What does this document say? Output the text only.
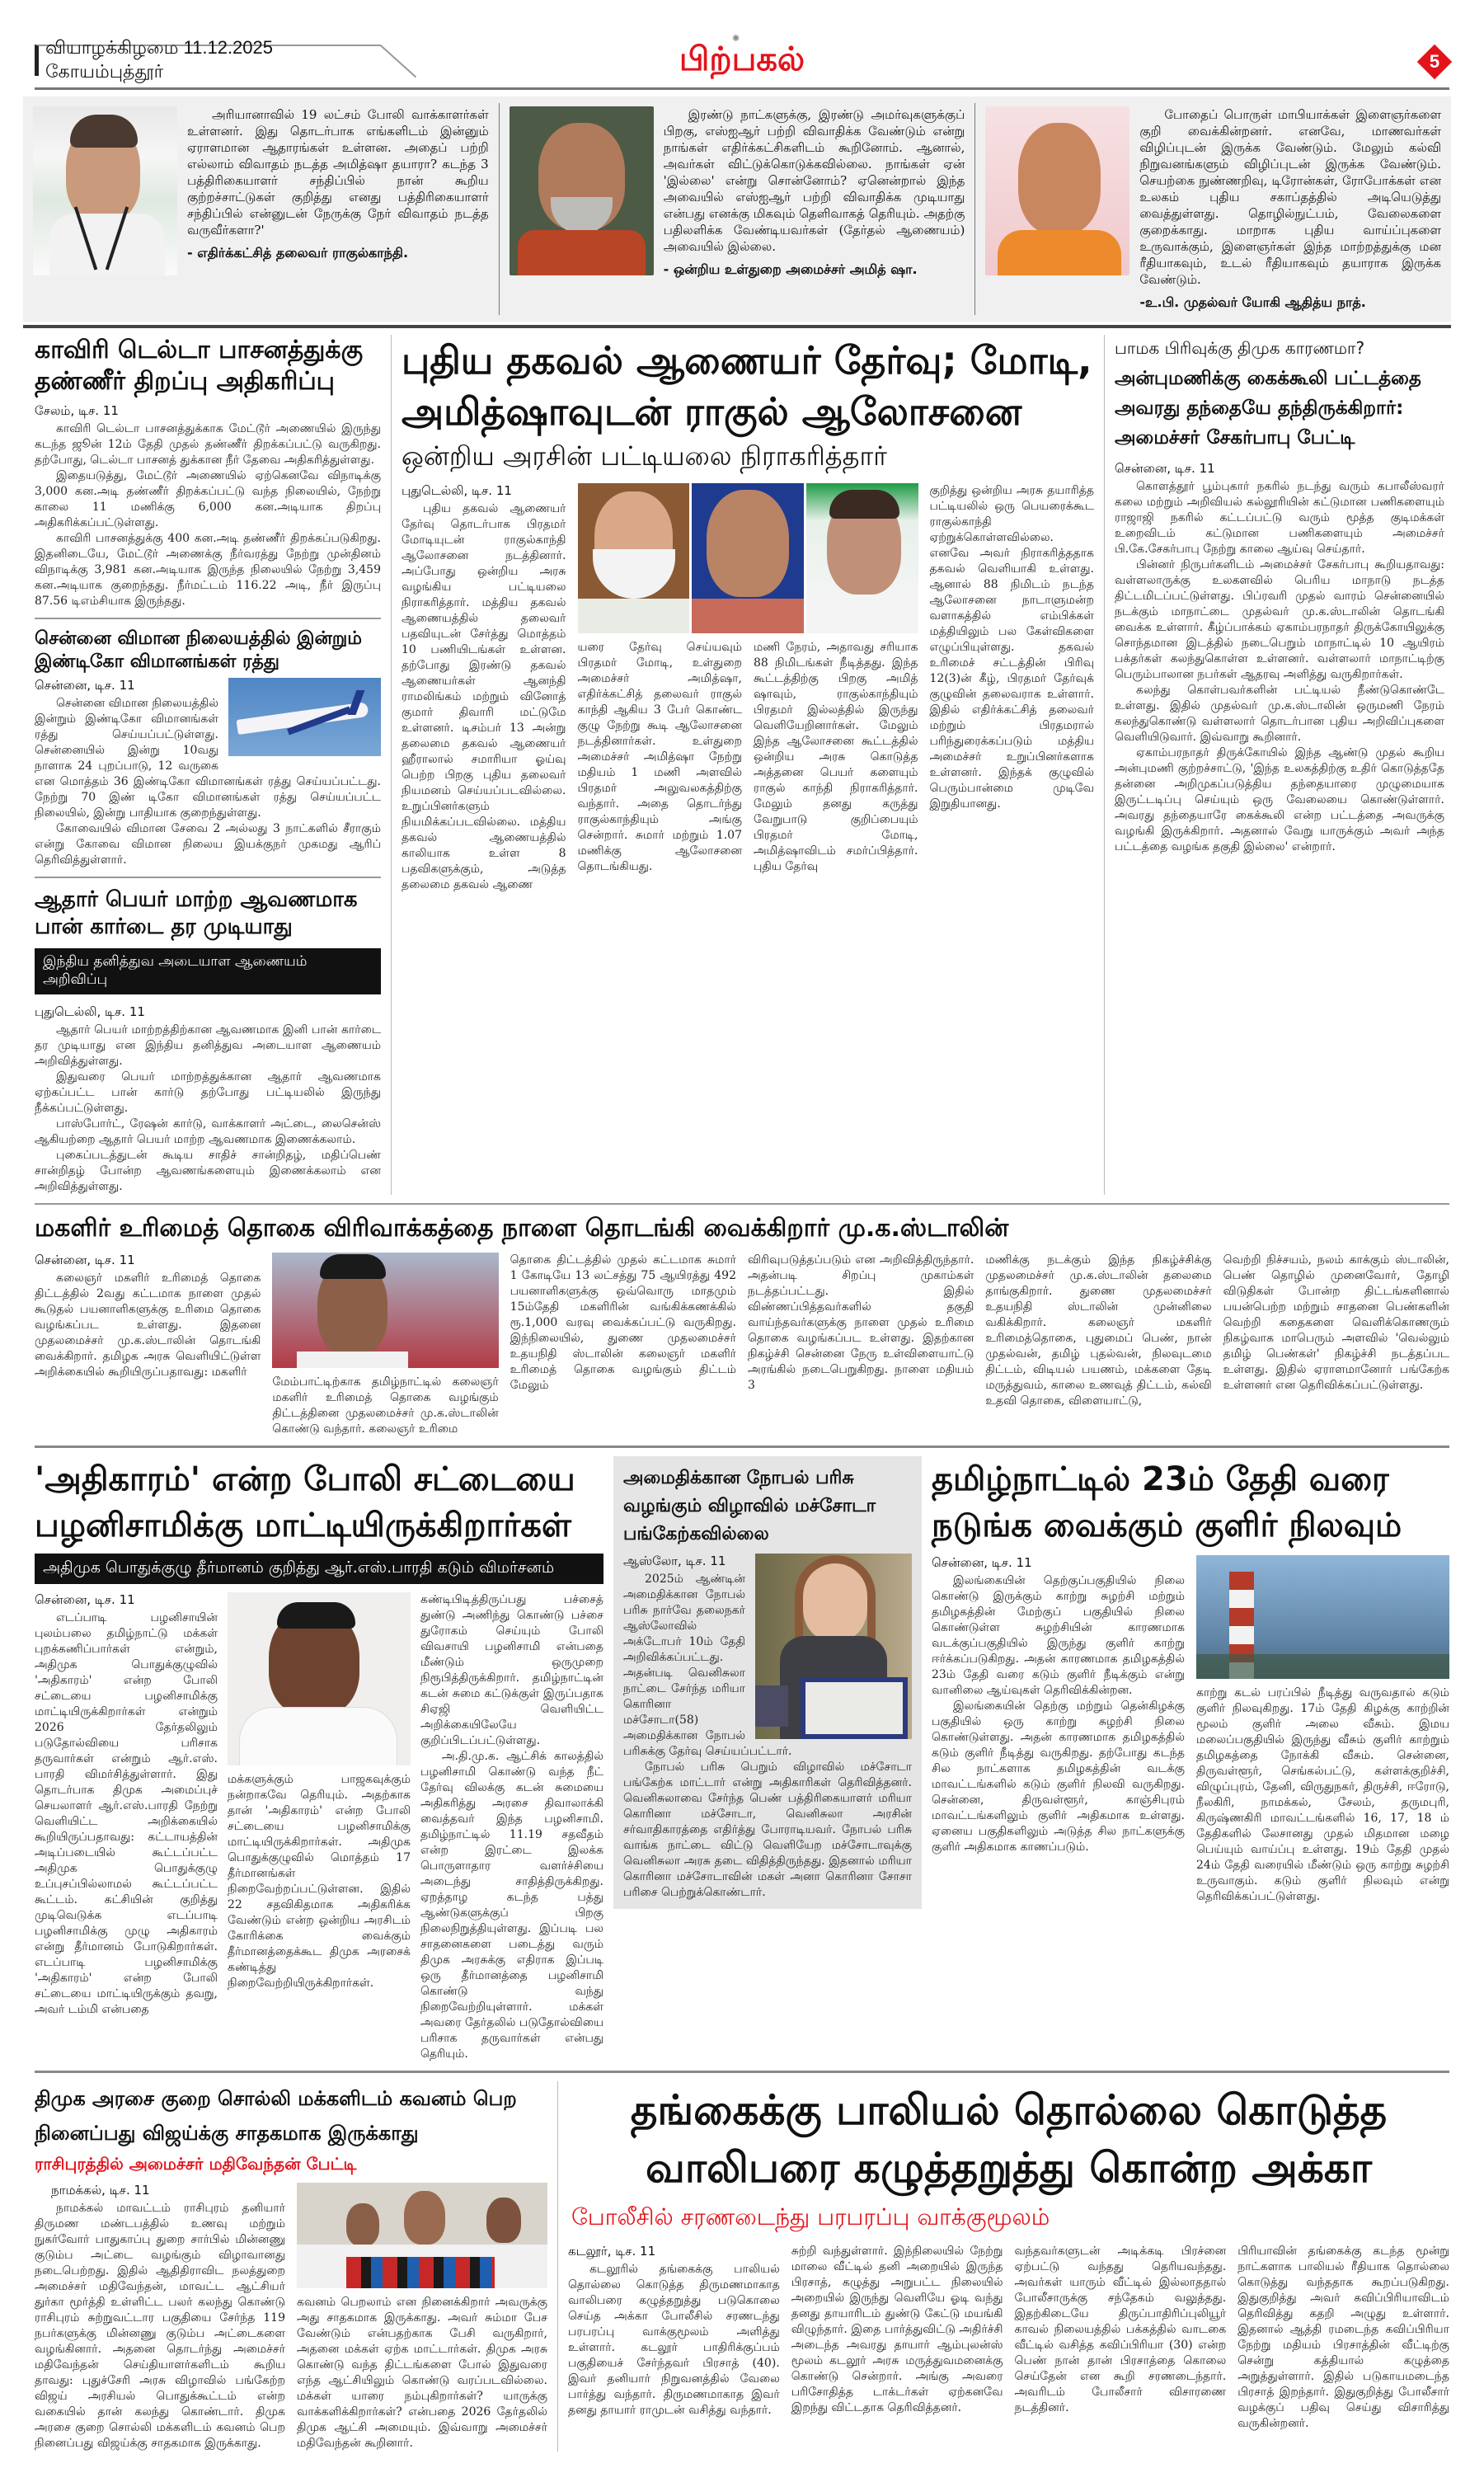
வியாழக்கிழமை 11.12.2025 கோயம்புத்தூர்
✺
பிற்பகல்	5
அரியானாவில் 19 லட்சம் போலி வாக்காளர்கள் உள்ளனர். இது தொடர்பாக எங்களிடம் இன்னும் ஏராளமான ஆதாரங்கள் உள்ளன. அதைப் பற்றி எல்லாம் விவாதம் நடத்த அமித்ஷா தயாரா? கடந்த 3 பத்திரிகையாளர் சந்திப்பில் நான் கூறிய குற்றச்சாட்டுகள் குறித்து எனது பத்திரிகையாளர் சந்திப்பில் என்னுடன் நேருக்கு நேர் விவாதம் நடத்த வருவீர்களா?'
- எதிர்க்கட்சித் தலைவர் ராகுல்காந்தி.
இரண்டு நாட்களுக்கு, இரண்டு அமர்வுகளுக்குப் பிறகு, எஸ்ஐஆர் பற்றி விவாதிக்க வேண்டும் என்று நாங்கள் எதிர்க்கட்சிகளிடம் கூறினோம். ஆனால், அவர்கள் விட்டுக்கொடுக்கவில்லை. நாங்கள் ஏன் 'இல்லை' என்று சொன்னோம்? ஏனென்றால் இந்த அவையில் எஸ்ஐஆர் பற்றி விவாதிக்க முடியாது என்பது எனக்கு மிகவும் தெளிவாகத் தெரியும். அதற்கு பதிலளிக்க வேண்டியவர்கள் (தேர்தல் ஆணையம்) அவையில் இல்லை.
- ஒன்றிய உள்துறை அமைச்சர் அமித் ஷா.
போதைப் பொருள் மாபியாக்கள் இளைஞர்களை குறி வைக்கின்றனர். எனவே, மாணவர்கள் விழிப்புடன் இருக்க வேண்டும். மேலும் கல்வி நிறுவனங்களும் விழிப்புடன் இருக்க வேண்டும். செயற்கை நுண்ணறிவு, டிரோன்கள், ரோபோக்கள் என உலகம் புதிய சகாப்தத்தில் அடியெடுத்து வைத்துள்ளது. தொழில்நுட்பம், வேலைகளை குறைக்காது. மாறாக புதிய வாய்ப்புகளை உருவாக்கும், இளைஞர்கள் இந்த மாற்றத்துக்கு மன ரீதியாகவும், உடல் ரீதியாகவும் தயாராக இருக்க வேண்டும்.
-உ.பி. முதல்வர் யோகி ஆதித்ய நாத்.
காவிரி டெல்டா பாசனத்துக்கு தண்ணீர் திறப்பு அதிகரிப்பு
சேலம், டிச. 11

காவிரி டெல்டா பாசனத்துக்காக மேட்டூர் அணையில் இருந்து கடந்த ஜூன் 12ம் தேதி முதல் தண்ணீர் திறக்கப்பட்டு வருகிறது. தற்போது, டெல்டா பாசனத் துக்கான நீர் தேவை அதிகரித்துள்ளது.

இதையடுத்து, மேட்டூர் அணையில் ஏற்கெனவே விநாடிக்கு 3,000 கன.அடி தண்ணீர் திறக்கப்பட்டு வந்த நிலையில், நேற்று காலை 11 மணிக்கு 6,000 கன.அடியாக திறப்பு அதிகரிக்கப்பட்டுள்ளது.

காவிரி பாசனத்துக்கு 400 கன.அடி தண்ணீர் திறக்கப்படுகிறது. இதனிடையே, மேட்டூர் அணைக்கு நீர்வரத்து நேற்று முன்தினம் விநாடிக்கு 3,981 கன.அடியாக இருந்த நிலையில் நேற்று 3,459 கன.அடியாக குறைந்தது. நீர்மட்டம் 116.22 அடி, நீர் இருப்பு 87.56 டிஎம்சியாக இருந்தது.

சென்னை விமான நிலையத்தில் இன்றும் இண்டிகோ விமானங்கள் ரத்து
சென்னை, டிச. 11

சென்னை விமான நிலையத்தில் இன்றும் இண்டிகோ விமானங்கள் ரத்து செய்யப்பட்டுள்ளது. சென்னையில் இன்று 10வது நாளாக 24 புறப்பாடு, 12 வருகை என மொத்தம் 36 இண்டிகோ விமானங்கள் ரத்து செய்யப்பட்டது. நேற்று 70 இண் டிகோ விமானங்கள் ரத்து செய்யப்பட்ட நிலையில், இன்று பாதியாக குறைந்துள்ளது.

கோவையில் விமான சேவை 2 அல்லது 3 நாட்களில் சீராகும் என்று கோவை விமான நிலைய இயக்குநர் முகமது ஆரிப் தெரிவித்துள்ளார்.

ஆதார் பெயர் மாற்ற ஆவணமாக பான் கார்டை தர முடியாது
இந்திய தனித்துவ அடையாள ஆணையம் அறிவிப்பு
புதுடெல்லி, டிச. 11

ஆதார் பெயர் மாற்றத்திற்கான ஆவணமாக இனி பான் கார்டை தர முடியாது என இந்திய தனித்துவ அடையாள ஆணையம் அறிவித்துள்ளது.

இதுவரை பெயர் மாற்றத்துக்கான ஆதார் ஆவணமாக ஏற்கப்பட்ட பான் கார்டு தற்போது பட்டியலில் இருந்து நீக்கப்பட்டுள்ளது.

பாஸ்போர்ட், ரேஷன் கார்டு, வாக்காளர் அட்டை, லைசென்ஸ் ஆகியற்றை ஆதார் பெயர் மாற்ற ஆவணமாக இணைக்கலாம்.

புகைப்படத்துடன் கூடிய சாதிச் சான்றிதழ், மதிப்பெண் சான்றிதழ் போன்ற ஆவணங்களையும் இணைக்கலாம் என அறிவித்துள்ளது.

புதிய தகவல் ஆணையர் தேர்வு; மோடி, அமித்ஷாவுடன் ராகுல் ஆலோசனை
ஒன்றிய அரசின் பட்டியலை நிராகரித்தார்
புதுடெல்லி, டிச. 11

புதிய தகவல் ஆணையர் தேர்வு தொடர்பாக பிரதமர் மோடியுடன் ராகுல்காந்தி ஆலோசனை நடத்தினார். அப்போது ஒன்றிய அரசு வழங்கிய பட்டியலை நிராகரித்தார். மத்திய தகவல் ஆணையத்தில் தலைவர் பதவியுடன் சேர்த்து மொத்தம் 10 பணியிடங்கள் உள்ளன. தற்போது இரண்டு தகவல் ஆணையர்கள் ஆனந்தி ராமலிங்கம் மற்றும் வினோத் குமார் திவாரி மட்டுமே உள்ளனர். டிசம்பர் 13 அன்று தலைமை தகவல் ஆணையர் ஹீராலால் சமாரியா ஓய்வு பெற்ற பிறகு புதிய தலைவர் நியமனம் செய்யப்படவில்லை. உறுப்பினர்களும் நியமிக்கப்படவில்லை. மத்திய தகவல் ஆணையத்தில் காலியாக உள்ள 8 பதவிகளுக்கும், அடுத்த தலைமை தகவல் ஆணை

யரை தேர்வு செய்யவும் பிரதமர் மோடி, உள்துறை அமைச்சர் அமித்ஷா, எதிர்க்கட்சித் தலைவர் ராகுல் காந்தி ஆகிய 3 பேர் கொண்ட குழு நேற்று கூடி ஆலோசனை நடத்தினார்கள். உள்துறை அமைச்சர் அமித்ஷா நேற்று மதியம் 1 மணி அளவில் பிரதமர் அலுவலகத்திற்கு வந்தார். அதை தொடர்ந்து ராகுல்காந்தியும் அங்கு சென்றார். சுமார் மற்றும் 1.07 மணிக்கு ஆலோசனை தொடங்கியது.

மணி நேரம், அதாவது சரியாக 88 நிமிடங்கள் நீடித்தது. இந்த கூட்டத்திற்கு பிறகு அமித் ஷாவும், ராகுல்காந்தியும் பிரதமர் இல்லத்தில் இருந்து வெளியேறினார்கள். மேலும் இந்த ஆலோசனை கூட்டத்தில் ஒன்றிய அரசு கொடுத்த அத்தனை பெயர் களையும் ராகுல் காந்தி நிராகரித்தார். மேலும் தனது கருத்து வேறுபாடு குறிப்பையும் பிரதமர் மோடி, அமித்ஷாவிடம் சமர்ப்பித்தார். புதிய தேர்வு

குறித்து ஒன்றிய அரசு தயாரித்த பட்டியலில் ஒரு பெயரைக்கூட ராகுல்காந்தி ஏற்றுக்கொள்ளவில்லை. எனவே அவர் நிராகரித்ததாக தகவல் வெளியாகி உள்ளது. ஆனால் 88 நிமிடம் நடந்த ஆலோசனை நாடாளுமன்ற வளாகத்தில் எம்பிக்கள் மத்தியிலும் பல கேள்விகளை எழுப்பியுள்ளது. தகவல் உரிமைச் சட்டத்தின் பிரிவு 12(3)ன் கீழ், பிரதமர் தேர்வுக் குழுவின் தலைவராக உள்ளார். இதில் எதிர்க்கட்சித் தலைவர் மற்றும் பிரதமரால் பரிந்துரைக்கப்படும் மத்திய அமைச்சர் உறுப்பினர்களாக உள்ளனர். இந்தக் குழுவில் பெரும்பான்மை முடிவே இறுதியானது.

பாமக பிரிவுக்கு திமுக காரணமா?
அன்புமணிக்கு கைக்கூலி பட்டத்தை அவரது தந்தையே தந்திருக்கிறார்: அமைச்சர் சேகர்பாபு பேட்டி
சென்னை, டிச. 11

கொளத்தூர் பூம்புகார் நகரில் நடந்து வரும் கபாலீஸ்வரர் கலை மற்றும் அறிவியல் கல்லூரியின் கட்டுமான பணிகளையும் ராஜாஜி நகரில் கட்டப்பட்டு வரும் மூத்த குடிமக்கள் உறைவிடம் கட்டுமான பணிகளையும் அமைச்சர் பி.கே.சேகர்பாபு நேற்று காலை ஆய்வு செய்தார்.

பின்னர் நிருபர்களிடம் அமைச்சர் சேகர்பாபு கூறியதாவது: வள்ளலாருக்கு உலகளவில் பெரிய மாநாடு நடத்த திட்டமிடப்பட்டுள்ளது. பிப்ரவரி முதல் வாரம் சென்னையில் நடக்கும் மாநாட்டை முதல்வர் மு.க.ஸ்டாலின் தொடங்கி வைக்க உள்ளார். கீழ்ப்பாக்கம் ஏகாம்பரநாதர் திருக்கோயிலுக்கு சொந்தமான இடத்தில் நடைபெறும் மாநாட்டில் 10 ஆயிரம் பக்தர்கள் கலந்துகொள்ள உள்ளனர். வள்ளலார் மாநாட்டிற்கு பெரும்பாலான நபர்கள் ஆதரவு அளித்து வருகிறார்கள்.

கலந்து கொள்பவர்களின் பட்டியல் நீண்டுகொண்டே உள்ளது. இதில் முதல்வர் மு.க.ஸ்டாலின் ஒருமணி நேரம் கலந்துகொண்டு வள்ளலார் தொடர்பான புதிய அறிவிப்புகளை வெளியிடுவார். இவ்வாறு கூறினார்.

ஏகாம்பரநாதர் திருக்கோயில் இந்த ஆண்டு முதல் கூறிய அன்புமணி குற்றச்சாட்டு, 'இந்த உலகத்திற்கு உதிர் கொடுத்ததே தன்னை அறிமுகப்படுத்திய தந்தையாரை முழுமையாக இருட்டடிப்பு செய்யும் ஒரு வேலையை கொண்டுள்ளார். அவரது தந்தையாரே கைக்கூலி என்ற பட்டத்தை அவருக்கு வழங்கி இருக்கிறார். அதனால் வேறு யாருக்கும் அவர் அந்த பட்டத்தை வழங்க தகுதி இல்லை' என்றார்.

மகளிர் உரிமைத் தொகை விரிவாக்கத்தை நாளை தொடங்கி வைக்கிறார் மு.க.ஸ்டாலின்
சென்னை, டிச. 11

கலைஞர் மகளிர் உரிமைத் தொகை திட்டத்தில் 2வது கட்டமாக நாளை முதல் கூடுதல் பயனாளிகளுக்கு உரிமை தொகை வழங்கப்பட உள்ளது. இதனை முதலமைச்சர் மு.க.ஸ்டாலின் தொடங்கி வைக்கிறார். தமிழக அரசு வெளியிட்டுள்ள அறிக்கையில் கூறியிருப்பதாவது: மகளிர்

மேம்பாட்டிற்காக தமிழ்நாட்டில் கலைஞர் மகளிர் உரிமைத் தொகை வழங்கும் திட்டத்தினை முதலமைச்சர் மு.க.ஸ்டாலின் கொண்டு வந்தார். கலைஞர் உரிமை

தொகை திட்டத்தில் முதல் கட்டமாக சுமார் 1 கோடியே 13 லட்சத்து 75 ஆயிரத்து 492 பயனாளிகளுக்கு ஒவ்வொரு மாதமும் 15ம்தேதி மகளிரின் வங்கிக்கணக்கில் ரூ.1,000 வரவு வைக்கப்பட்டு வருகிறது. இந்நிலையில், துணை முதலமைச்சர் உதயநிதி ஸ்டாலின் கலைஞர் மகளிர் உரிமைத் தொகை வழங்கும் திட்டம் மேலும்

விரிவுபடுத்தப்படும் என அறிவித்திருந்தார். அதன்படி சிறப்பு முகாம்கள் நடத்தப்பட்டது. இதில் விண்ணப்பித்தவர்களில் தகுதி வாய்ந்தவர்களுக்கு நாளை முதல் உரிமை தொகை வழங்கப்பட உள்ளது. இதற்கான நிகழ்ச்சி சென்னை நேரு உள்விளையாட்டு அரங்கில் நடைபெறுகிறது. நாளை மதியம் 3

மணிக்கு நடக்கும் இந்த நிகழ்ச்சிக்கு முதலமைச்சர் மு.க.ஸ்டாலின் தலைமை தாங்குகிறார். துணை முதலமைச்சர் உதயநிதி ஸ்டாலின் முன்னிலை வகிக்கிறார். கலைஞர் மகளிர் உரிமைத்தொகை, புதுமைப் பெண், நான் முதல்வன், தமிழ் புதல்வன், நிலவுடமை திட்டம், விடியல் பயணம், மக்களை தேடி மருத்துவம், காலை உணவுத் திட்டம், கல்வி உதவி தொகை, விளையாட்டு,

வெற்றி நிச்சயம், நலம் காக்கும் ஸ்டாலின், பெண் தொழில் முனைவோர், தோழி விடுதிகள் போன்ற திட்டங்களினால் பயன்பெற்ற மற்றும் சாதனை பெண்களின் வெற்றி கதைகளை வெளிக்கொணரும் நிகழ்வாக மாபெரும் அளவில் 'வெல்லும் தமிழ் பெண்கள்' நிகழ்ச்சி நடத்தப்பட உள்ளது. இதில் ஏராளமானோர் பங்கேற்க உள்ளனர் என தெரிவிக்கப்பட்டுள்ளது.

'அதிகாரம்' என்ற போலி சட்டையை பழனிசாமிக்கு மாட்டியிருக்கிறார்கள்
அதிமுக பொதுக்குழு தீர்மானம் குறித்து ஆர்.எஸ்.பாரதி கடும் விமர்சனம்
சென்னை, டிச. 11

எடப்பாடி பழனிசாயின் புலம்பலை தமிழ்நாட்டு மக்கள் புறக்கணிப்பார்கள் என்றும், அதிமுக பொதுக்குழுவில் 'அதிகாரம்' என்ற போலி சட்டையை பழனிசாமிக்கு மாட்டியிருக்கிறார்கள் என்றும் 2026 தேர்தலிலும் படுதோல்வியை பரிசாக தருவார்கள் என்றும் ஆர்.எஸ். பாரதி விமர்சித்துள்ளார். இது தொடர்பாக திமுக அமைப்புச் செயலாளர் ஆர்.எஸ்.பாரதி நேற்று வெளியிட்ட அறிக்கையில் கூறியிருப்பதாவது: கட்டாயத்தின் அடிப்படையில் கூட்டப்பட்ட அதிமுக பொதுக்குழு உப்புசப்பில்லாமல் கூட்டப்பட்ட கூட்டம். கட்சியின் குறித்து முடிவெடுக்க எடப்பாடி பழனிசாமிக்கு முழு அதிகாரம் என்று தீர்மானம் போடுகிறார்கள். எடப்பாடி பழனிசாமிக்கு 'அதிகாரம்' என்ற போலி சட்டையை மாட்டியிருக்கும் தவறு, அவர் டம்மி என்பதை

மக்களுக்கும் பாஜகவுக்கும் நன்றாகவே தெரியும். அதற்காக தான் 'அதிகாரம்' என்ற போலி சட்டையை பழனிசாமிக்கு மாட்டியிருக்கிறார்கள். அதிமுக பொதுக்குழுவில் மொத்தம் 17 தீர்மானங்கள் நிறைவேற்றப்பட்டுள்ளன. இதில் 22 சதவிகிதமாக அதிகரிக்க வேண்டும் என்ற ஒன்றிய அரசிடம் கோரிக்கை வைக்கும் தீர்மானத்தைக்கூட திமுக அரசைக் கண்டித்து நிறைவேற்றியிருக்கிறார்கள்.

கண்டிபிடித்திருப்பது பச்சைத் துண்டு அணிந்து கொண்டு பச்சை துரோகம் செய்யும் போலி விவசாயி பழனிசாமி என்பதை மீண்டும் ஒருமுறை நிரூபித்திருக்கிறார். தமிழ்நாட்டின் கடன் சுமை கட்டுக்குள் இருப்பதாக சிஏஜி வெளியிட்ட அறிக்கையிலேயே குறிப்பிடப்பட்டுள்ளது.

அ.தி.மு.க. ஆட்சிக் காலத்தில் பழனிசாமி கொண்டு வந்த நீட் தேர்வு விலக்கு கடன் சுமையை அதிகரித்து அரசை திவாலாக்கி வைத்தவர் இந்த பழனிசாமி. தமிழ்நாட்டில் 11.19 சதவீதம் என்ற இரட்டை இலக்க பொருளாதார வளர்ச்சியை அடைந்து சாதித்திருக்கிறது. ஏறத்தாழ கடந்த பத்து ஆண்டுகளுக்குப் பிறகு நிலைநிறுத்தியுள்ளது. இப்படி பல சாதனைகளை படைத்து வரும் திமுக அரசுக்கு எதிராக இப்படி ஒரு தீர்மானத்தை பழனிசாமி கொண்டு வந்து நிறைவேற்றியுள்ளார். மக்கள் அவரை தேர்தலில் படுதோல்வியை பரிசாக தருவார்கள் என்பது தெரியும்.

அமைதிக்கான நோபல் பரிசு வழங்கும் விழாவில் மச்சோடா பங்கேற்கவில்லை
ஆஸ்லோ, டிச. 11

2025ம் ஆண்டின் அமைதிக்கான நோபல் பரிசு நார்வே தலைநகர் ஆஸ்லோவில் அக்டோபர் 10ம் தேதி அறிவிக்கப்பட்டது. அதன்படி வெனிசுலா நாட்டை சேர்ந்த மரியா கொரினா மச்சோடா(58) அமைதிக்கான நோபல் பரிசுக்கு தேர்வு செய்யப்பட்டார்.

நோபல் பரிசு பெறும் விழாவில் மச்சோடா பங்கேற்க மாட்டார் என்று அதிகாரிகள் தெரிவித்தனர். வெனிசுலாவை சேர்ந்த பெண் பத்திரிகையாளர் மரியா கொரினா மச்சோடா, வெனிசுலா அரசின் சர்வாதிகாரத்தை எதிர்த்து போராடியவர். நோபல் பரிசு வாங்க நாட்டை விட்டு வெளியேற மச்சோடாவுக்கு வெனிசுலா அரசு தடை விதித்திருந்தது. இதனால் மரியா கொரினா மச்சோடாவின் மகள் அனா கொரினா சோசா பரிசை பெற்றுக்கொண்டார்.

தமிழ்நாட்டில் 23ம் தேதி வரை நடுங்க வைக்கும் குளிர் நிலவும்
சென்னை, டிச. 11

இலங்கையின் தெற்குப்பகுதியில் நிலை கொண்டு இருக்கும் காற்று சுழற்சி மற்றும் தமிழகத்தின் மேற்குப் பகுதியில் நிலை கொண்டுள்ள சுழற்சியின் காரணமாக வடக்குப்பகுதியில் இருந்து குளிர் காற்று ஈர்க்கப்படுகிறது. அதன் காரணமாக தமிழகத்தில் 23ம் தேதி வரை கடும் குளிர் நீடிக்கும் என்று வானிலை ஆய்வுகள் தெரிவிக்கின்றன.

இலங்கையின் தெற்கு மற்றும் தென்கிழக்கு பகுதியில் ஒரு காற்று சுழற்சி நிலை கொண்டுள்ளது. அதன் காரணமாக தமிழகத்தில் கடும் குளிர் நீடித்து வருகிறது. தற்போது கடந்த சில நாட்களாக தமிழகத்தின் வடக்கு மாவட்டங்களில் கடும் குளிர் நிலவி வருகிறது. சென்னை, திருவள்ளூர், காஞ்சிபுரம் மாவட்டங்களிலும் குளிர் அதிகமாக உள்ளது. ஏனைய பகுதிகளிலும் அடுத்த சில நாட்களுக்கு குளிர் அதிகமாக காணப்படும்.

காற்று கடல் பரப்பில் நீடித்து வருவதால் கடும் குளிர் நிலவுகிறது. 17ம் தேதி கிழக்கு காற்றின் மூலம் குளிர் அலை வீசும். இமய மலைப்பகுதியில் இருந்து வீசும் குளிர் காற்றும் தமிழகத்தை நோக்கி வீசும். சென்னை, திருவள்ளூர், செங்கல்பட்டு, கள்ளக்குறிச்சி, விழுப்புரம், தேனி, விருதுநகர், திருச்சி, ஈரோடு, நீலகிரி, நாமக்கல், சேலம், தருமபுரி, கிருஷ்ணகிரி மாவட்டங்களில் 16, 17, 18 ம் தேதிகளில் லேசானது முதல் மிதமான மழை பெய்யும் வாய்ப்பு உள்ளது. 19ம் தேதி முதல் 24ம் தேதி வரையில் மீண்டும் ஒரு காற்று சுழற்சி உருவாகும். கடும் குளிர் நிலவும் என்று தெரிவிக்கப்பட்டுள்ளது.

திமுக அரசை குறை சொல்லி மக்களிடம் கவனம் பெற நினைப்பது விஜய்க்கு சாதகமாக இருக்காது
ராசிபுரத்தில் அமைச்சர் மதிவேந்தன் பேட்டி
நாமக்கல், டிச. 11

நாமக்கல் மாவட்டம் ராசிபுரம் தனியார் திருமண மண்டபத்தில் உணவு மற்றும் நுகர்வோர் பாதுகாப்பு துறை சார்பில் மின்னணு குடும்ப அட்டை வழங்கும் விழாவானது நடைபெற்றது. இதில் ஆதிதிராவிட நலத்துறை அமைச்சர் மதிவேந்தன், மாவட்ட ஆட்சியர் துர்கா மூர்த்தி உள்ளிட்ட பலர் கலந்து கொண்டு ராசிபுரம் சுற்றுவட்டார பகுதியை சேர்ந்த 119 நபர்களுக்கு மின்னணு குடும்ப அட்டைகளை வழங்கினார். அதனை தொடர்ந்து அமைச்சர் மதிவேந்தன் செய்தியாளர்களிடம் கூறிய தாவது: புதுச்சேரி அரசு விழாவில் பங்கேற்ற விஜய் அரசியல் பொதுக்கூட்டம் என்ற வகையில் தான் கலந்து கொண்டார். திமுக அரசை குறை சொல்லி மக்களிடம் கவனம் பெற நினைப்பது விஜய்க்கு சாதகமாக இருக்காது.

கவனம் பெறலாம் என நினைக்கிறார் அவருக்கு அது சாதகமாக இருக்காது. அவர் சும்மா பேச வேண்டும் என்பதற்காக பேசி வருகிறார், அதனை மக்கள் ஏற்க மாட்டார்கள். திமுக அரசு கொண்டு வந்த திட்டங்களை போல் இதுவரை எந்த ஆட்சியிலும் கொண்டு வரப்படவில்லை. மக்கள் யாரை நம்புகிறார்கள்? யாருக்கு வாக்களிக்கிறார்கள்? என்பதை 2026 தேர்தலில் திமுக ஆட்சி அமையும். இவ்வாறு அமைச்சர் மதிவேந்தன் கூறினார்.

தங்கைக்கு பாலியல் தொல்லை கொடுத்த வாலிபரை கழுத்தறுத்து கொன்ற அக்கா
போலீசில் சரணடைந்து பரபரப்பு வாக்குமூலம்
கடலூர், டிச. 11

கடலூரில் தங்கைக்கு பாலியல் தொல்லை கொடுத்த திருமணமாகாத வாலிபரை கழுத்தறுத்து படுகொலை செய்த அக்கா போலீசில் சரணடந்து பரபரப்பு வாக்குமூலம் அளித்து உள்ளார். கடலூர் பாதிரிக்குப்பம் பகுதியைச் சேர்ந்தவர் பிரசாத் (40). இவர் தனியார் நிறுவனத்தில் வேலை பார்த்து வந்தார். திருமணமாகாத இவர் தனது தாயார் ராமுடன் வசித்து வந்தார்.

சுற்றி வந்துள்ளார். இந்நிலையில் நேற்று மாலை வீட்டில் தனி அறையில் இருந்த பிரசாத், கழுத்து அறுபட்ட நிலையில் அறையில் இருந்து வெளியே ஓடி வந்து தனது தாயாரிடம் துண்டு கேட்டு மயங்கி விழுந்தார். இதை பார்த்துவிட்டு அதிர்ச்சி அடைந்த அவரது தாயார் ஆம்புலன்ஸ் மூலம் கடலூர் அரசு மருத்துவமனைக்கு கொண்டு சென்றார். அங்கு அவரை பரிசோதித்த டாக்டர்கள் ஏற்கனவே இறந்து விட்டதாக தெரிவித்தனர்.

வந்தவர்களுடன் அடிக்கடி பிரச்னை ஏற்பட்டு வந்தது தெரியவந்தது. அவர்கள் யாரும் வீட்டில் இல்லாததால் போலீசாருக்கு சந்தேகம் வலுத்தது. இதற்கிடையே திருப்பாதிரிப்புலியூர் காவல் நிலையத்தில் பக்கத்தில் வாடகை வீட்டில் வசித்த கவிப்பிரியா (30) என்ற பெண் நான் தான் பிரசாத்தை கொலை செய்தேன் என கூறி சரணடைந்தார். அவரிடம் போலீசார் விசாரணை நடத்தினர்.

பிரியாவின் தங்கைக்கு கடந்த மூன்று நாட்களாக பாலியல் ரீதியாக தொல்லை கொடுத்து வந்ததாக கூறப்படுகிறது. இதுகுறித்து அவர் கவிப்பிரியாவிடம் தெரிவித்து கதறி அழுது உள்ளார். இதனால் ஆத்தி ரமடைந்த கவிப்பிரியா நேற்று மதியம் பிரசாத்தின் வீட்டிற்கு சென்று கத்தியால் கழுத்தை அறுத்துள்ளார். இதில் படுகாயமடைந்த பிரசாத் இறந்தார். இதுகுறித்து போலீசார் வழக்குப் பதிவு செய்து விசாரித்து வருகின்றனர்.
